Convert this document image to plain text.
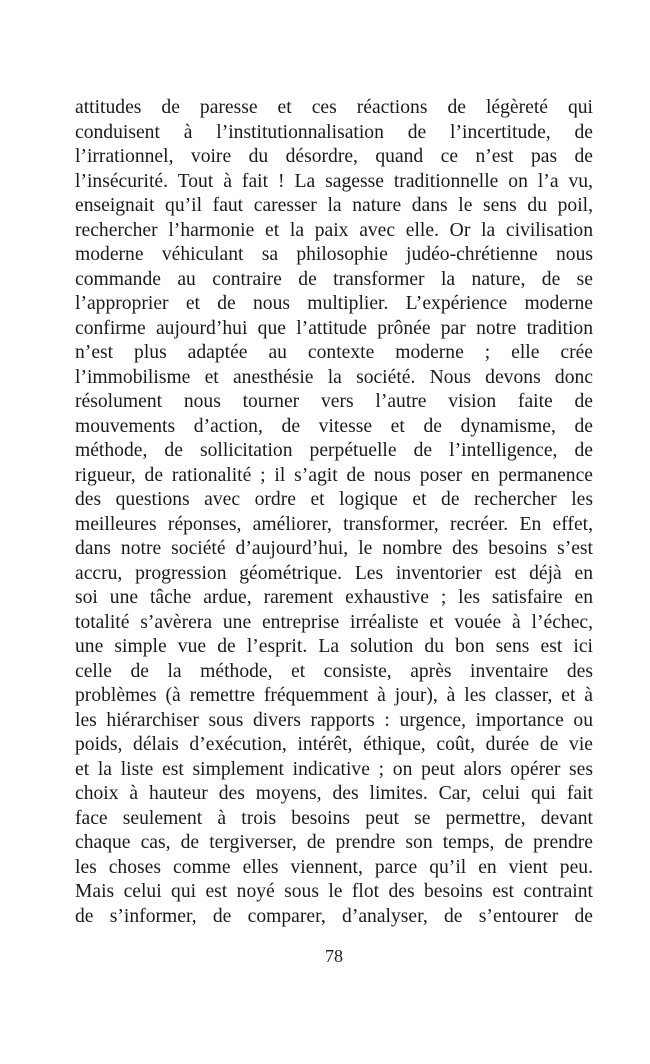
attitudes de paresse et ces réactions de légèreté qui
conduisent à l’institutionnalisation de l’incertitude, de
l’irrationnel, voire du désordre, quand ce n’est pas de
l’insécurité. Tout à fait ! La sagesse traditionnelle on l’a vu,
enseignait qu’il faut caresser la nature dans le sens du poil,
rechercher l’harmonie et la paix avec elle. Or la civilisation
moderne véhiculant sa philosophie judéo-chrétienne nous
commande au contraire de transformer la nature, de se
l’approprier et de nous multiplier. L’expérience moderne
confirme aujourd’hui que l’attitude prônée par notre tradition
n’est plus adaptée au contexte moderne ; elle crée
l’immobilisme et anesthésie la société. Nous devons donc
résolument nous tourner vers l’autre vision faite de
mouvements d’action, de vitesse et de dynamisme, de
méthode, de sollicitation perpétuelle de l’intelligence, de
rigueur, de rationalité ; il s’agit de nous poser en permanence
des questions avec ordre et logique et de rechercher les
meilleures réponses, améliorer, transformer, recréer. En effet,
dans notre société d’aujourd’hui, le nombre des besoins s’est
accru, progression géométrique. Les inventorier est déjà en
soi une tâche ardue, rarement exhaustive ; les satisfaire en
totalité s’avèrera une entreprise irréaliste et vouée à l’échec,
une simple vue de l’esprit. La solution du bon sens est ici
celle de la méthode, et consiste, après inventaire des
problèmes (à remettre fréquemment à jour), à les classer, et à
les hiérarchiser sous divers rapports : urgence, importance ou
poids, délais d’exécution, intérêt, éthique, coût, durée de vie
et la liste est simplement indicative ; on peut alors opérer ses
choix à hauteur des moyens, des limites. Car, celui qui fait
face seulement à trois besoins peut se permettre, devant
chaque cas, de tergiverser, de prendre son temps, de prendre
les choses comme elles viennent, parce qu’il en vient peu.
Mais celui qui est noyé sous le flot des besoins est contraint
de s’informer, de comparer, d’analyser, de s’entourer de
78
